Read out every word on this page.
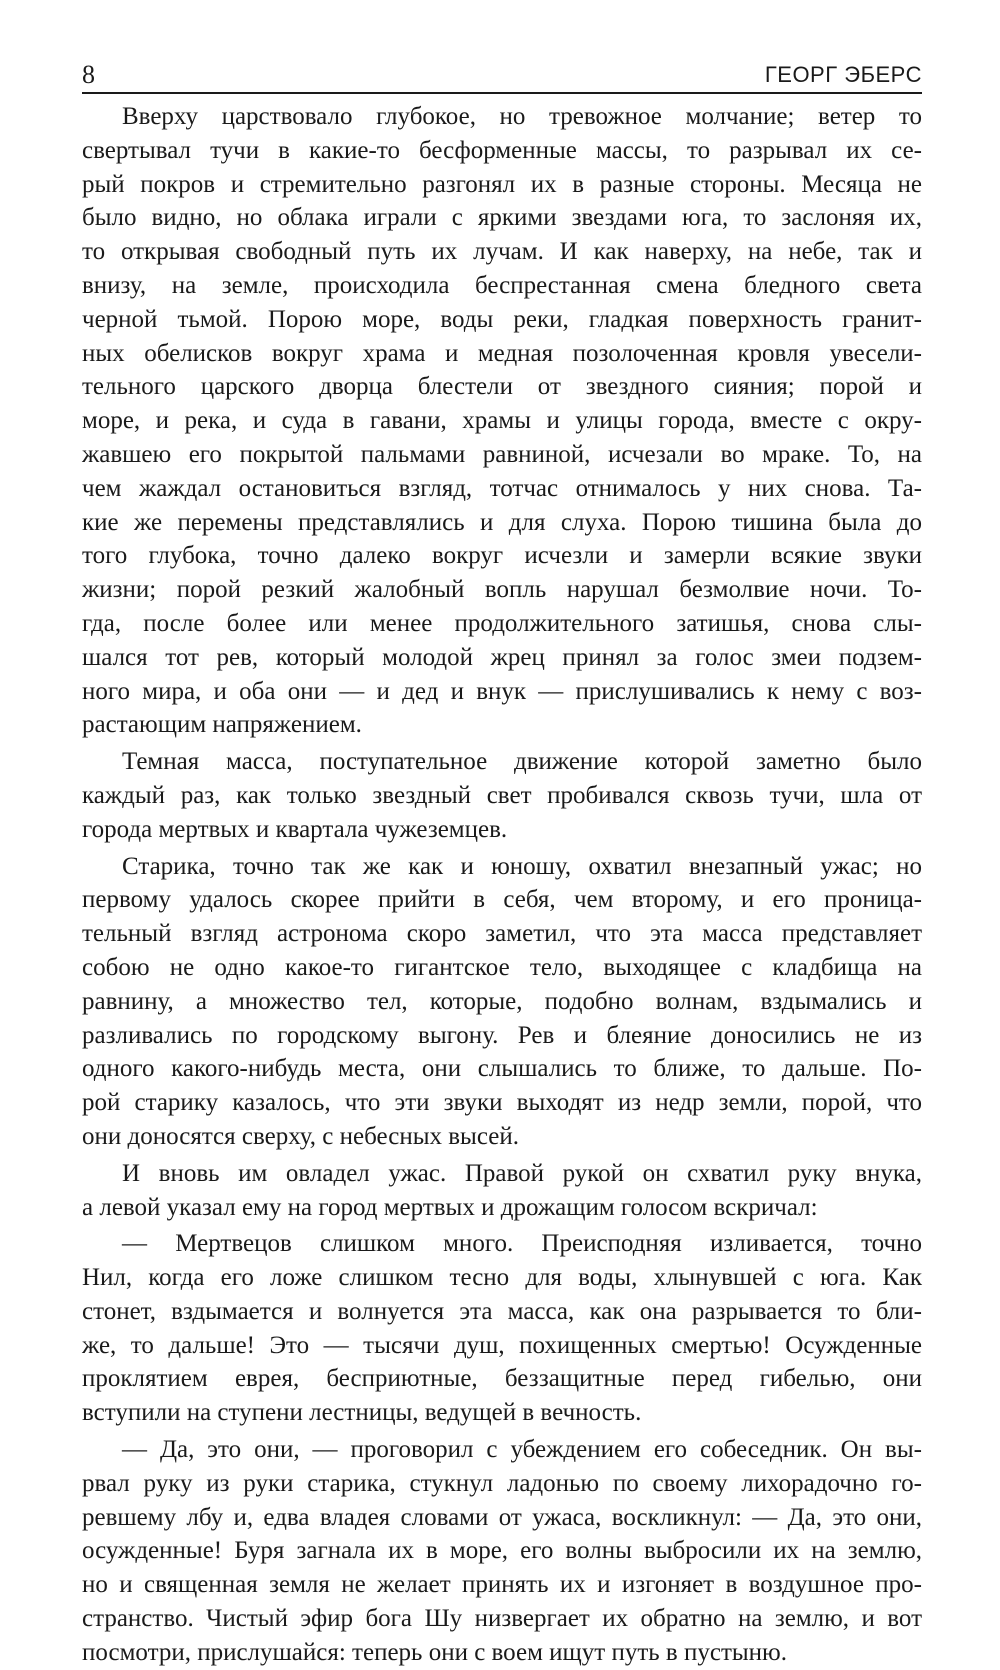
8	ГЕОРГ ЭБЕРС
Вверху царствовало глубокое, но тревожное молчание; ветер то
свертывал тучи в какие-то бесформенные массы, то разрывал их се-
рый покров и стремительно разгонял их в разные стороны. Месяца не
было видно, но облака играли с яркими звездами юга, то заслоняя их,
то открывая свободный путь их лучам. И как наверху, на небе, так и
внизу, на земле, происходила беспрестанная смена бледного света
черной тьмой. Порою море, воды реки, гладкая поверхность гранит-
ных обелисков вокруг храма и медная позолоченная кровля увесели-
тельного царского дворца блестели от звездного сияния; порой и
море, и река, и суда в гавани, храмы и улицы города, вместе с окру-
жавшею его покрытой пальмами равниной, исчезали во мраке. То, на
чем жаждал остановиться взгляд, тотчас отнималось у них снова. Та-
кие же перемены представлялись и для слуха. Порою тишина была до
того глубока, точно далеко вокруг исчезли и замерли всякие звуки
жизни; порой резкий жалобный вопль нарушал безмолвие ночи. То-
гда, после более или менее продолжительного затишья, снова слы-
шался тот рев, который молодой жрец принял за голос змеи подзем-
ного мира, и оба они — и дед и внук — прислушивались к нему с воз-
растающим напряжением.
Темная масса, поступательное движение которой заметно было
каждый раз, как только звездный свет пробивался сквозь тучи, шла от
города мертвых и квартала чужеземцев.
Старика, точно так же как и юношу, охватил внезапный ужас; но
первому удалось скорее прийти в себя, чем второму, и его проница-
тельный взгляд астронома скоро заметил, что эта масса представляет
собою не одно какое-то гигантское тело, выходящее с кладбища на
равнину, а множество тел, которые, подобно волнам, вздымались и
разливались по городскому выгону. Рев и блеяние доносились не из
одного какого-нибудь места, они слышались то ближе, то дальше. По-
рой старику казалось, что эти звуки выходят из недр земли, порой, что
они доносятся сверху, с небесных высей.
И вновь им овладел ужас. Правой рукой он схватил руку внука,
а левой указал ему на город мертвых и дрожащим голосом вскричал:
— Мертвецов слишком много. Преисподняя изливается, точно
Нил, когда его ложе слишком тесно для воды, хлынувшей с юга. Как
стонет, вздымается и волнуется эта масса, как она разрывается то бли-
же, то дальше! Это — тысячи душ, похищенных смертью! Осужденные
проклятием еврея, бесприютные, беззащитные перед гибелью, они
вступили на ступени лестницы, ведущей в вечность.
— Да, это они, — проговорил с убеждением его собеседник. Он вы-
рвал руку из руки старика, стукнул ладонью по своему лихорадочно го-
ревшему лбу и, едва владея словами от ужаса, воскликнул: — Да, это они,
осужденные! Буря загнала их в море, его волны выбросили их на землю,
но и священная земля не желает принять их и изгоняет в воздушное про-
странство. Чистый эфир бога Шу низвергает их обратно на землю, и вот
посмотри, прислушайся: теперь они с воем ищут путь в пустыню.
